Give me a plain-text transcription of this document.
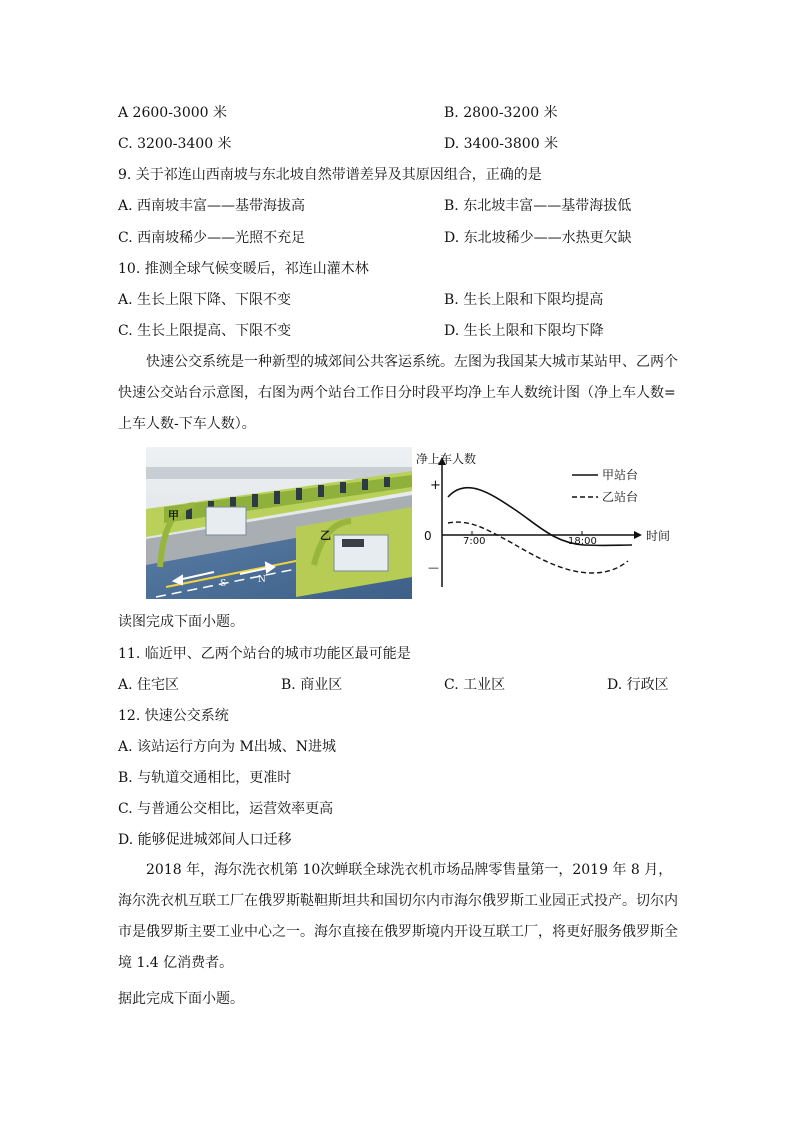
A 2600-3000 米	B. 2800-3200 米
C. 3200-3400 米	D. 3400-3800 米
9. 关于祁连山西南坡与东北坡自然带谱差异及其原因组合，正确的是
A. 西南坡丰富——基带海拔高	B. 东北坡丰富——基带海拔低
C. 西南坡稀少——光照不充足	D. 东北坡稀少——水热更欠缺
10. 推测全球气候变暖后，祁连山灌木林
A. 生长上限下降、下限不变	B. 生长上限和下限均提高
C. 生长上限提高、下限不变	D. 生长上限和下限均下降
快速公交系统是一种新型的城郊间公共客运系统。左图为我国某大城市某站甲、乙两个快速公交站台示意图，右图为两个站台工作日分时段平均净上车人数统计图（净上车人数=上车人数-下车人数）。
甲
乙
S	N
净上车人数
+
0
—
7:00	18:00	时间
甲站台
乙站台
读图完成下面小题。
11. 临近甲、乙两个站台的城市功能区最可能是
A. 住宅区	B. 商业区	C. 工业区	D. 行政区
12. 快速公交系统
A. 该站运行方向为 M出城、N进城
B. 与轨道交通相比，更准时
C. 与普通公交相比，运营效率更高
D. 能够促进城郊间人口迁移
2018 年，海尔洗衣机第 10次蝉联全球洗衣机市场品牌零售量第一，2019 年 8 月，海尔洗衣机互联工厂在俄罗斯鞑靼斯坦共和国切尔内市海尔俄罗斯工业园正式投产。切尔内市是俄罗斯主要工业中心之一。海尔直接在俄罗斯境内开设互联工厂，将更好服务俄罗斯全境 1.4 亿消费者。
据此完成下面小题。
